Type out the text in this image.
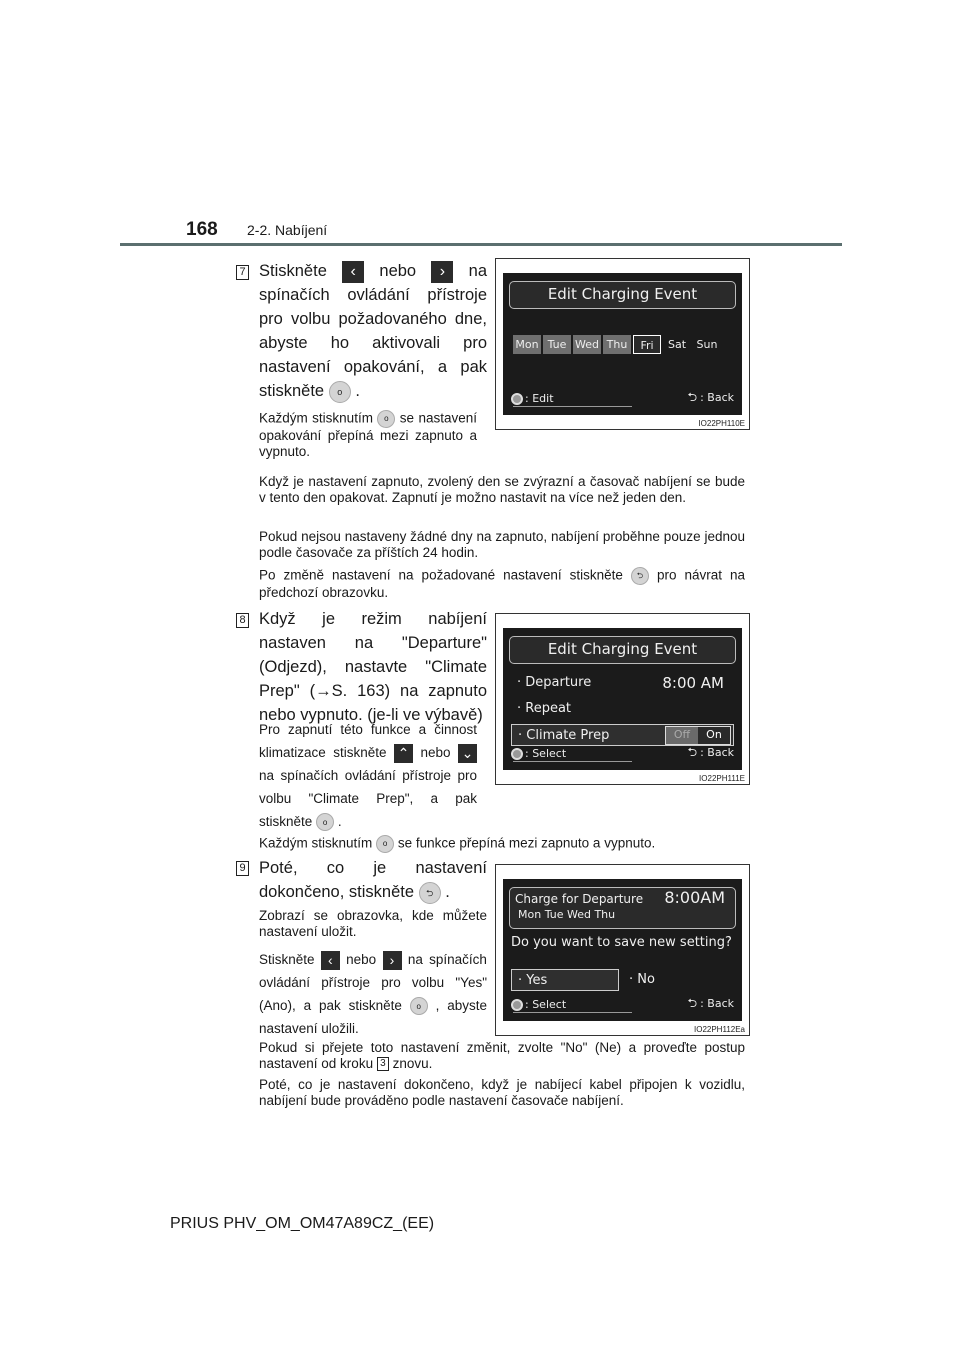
168 2-2. Nabíjení
7 Stiskněte ‹ nebo › na spínačích ovládání přístroje pro volbu požadovaného dne, abyste ho aktivovali pro nastavení opakování, a pak stiskněte o .
Každým stisknutím o se nastavení opakování přepíná mezi zapnuto a vypnuto.
Edit Charging Event
Mon Tue Wed Thu	Fri	Sat Sun
: Edit	⮌ : Back
IO22PH110E
Když je nastavení zapnuto, zvolený den se zvýrazní a časovač nabíjení se bude v tento den opakovat. Zapnutí je možno nastavit na více než jeden den.
Pokud nejsou nastaveny žádné dny na zapnuto, nabíjení proběhne pouze jednou podle časovače za příštích 24 hodin.
Po změně nastavení na požadované nastavení stiskněte ⮌ pro návrat na předchozí obrazovku.
8 Když je režim nabíjení nastaven na "Departure" (Odjezd), nastavte "Climate Prep" (→S. 163) na zapnuto nebo vypnuto. (je-li ve výbavě)
Pro zapnutí této funkce a činnost klimatizace stiskněte ⌃ nebo ⌄ na spínačích ovládání přístroje pro volbu "Climate Prep", a pak stiskněte o .
Edit Charging Event
· Departure	8:00 AM
· Repeat
· Climate Prep	Off	On
: Select	⮌ : Back
IO22PH111E
Každým stisknutím o se funkce přepíná mezi zapnuto a vypnuto.
9 Poté, co je nastavení dokončeno, stiskněte ⮌ .
Zobrazí se obrazovka, kde můžete nastavení uložit.
Stiskněte ‹ nebo › na spínačích ovládání přístroje pro volbu "Yes" (Ano), a pak stiskněte o , abyste nastavení uložili.
Charge for Departure 8:00AM
Mon Tue Wed Thu
Do you want to save new setting?
· Yes	· No
: Select	⮌ : Back
IO22PH112Ea
Pokud si přejete toto nastavení změnit, zvolte "No" (Ne) a proveďte postup nastavení od kroku 3 znovu.
Poté, co je nastavení dokončeno, když je nabíjecí kabel připojen k vozidlu, nabíjení bude prováděno podle nastavení časovače nabíjení.
PRIUS PHV_OM_OM47A89CZ_(EE)
